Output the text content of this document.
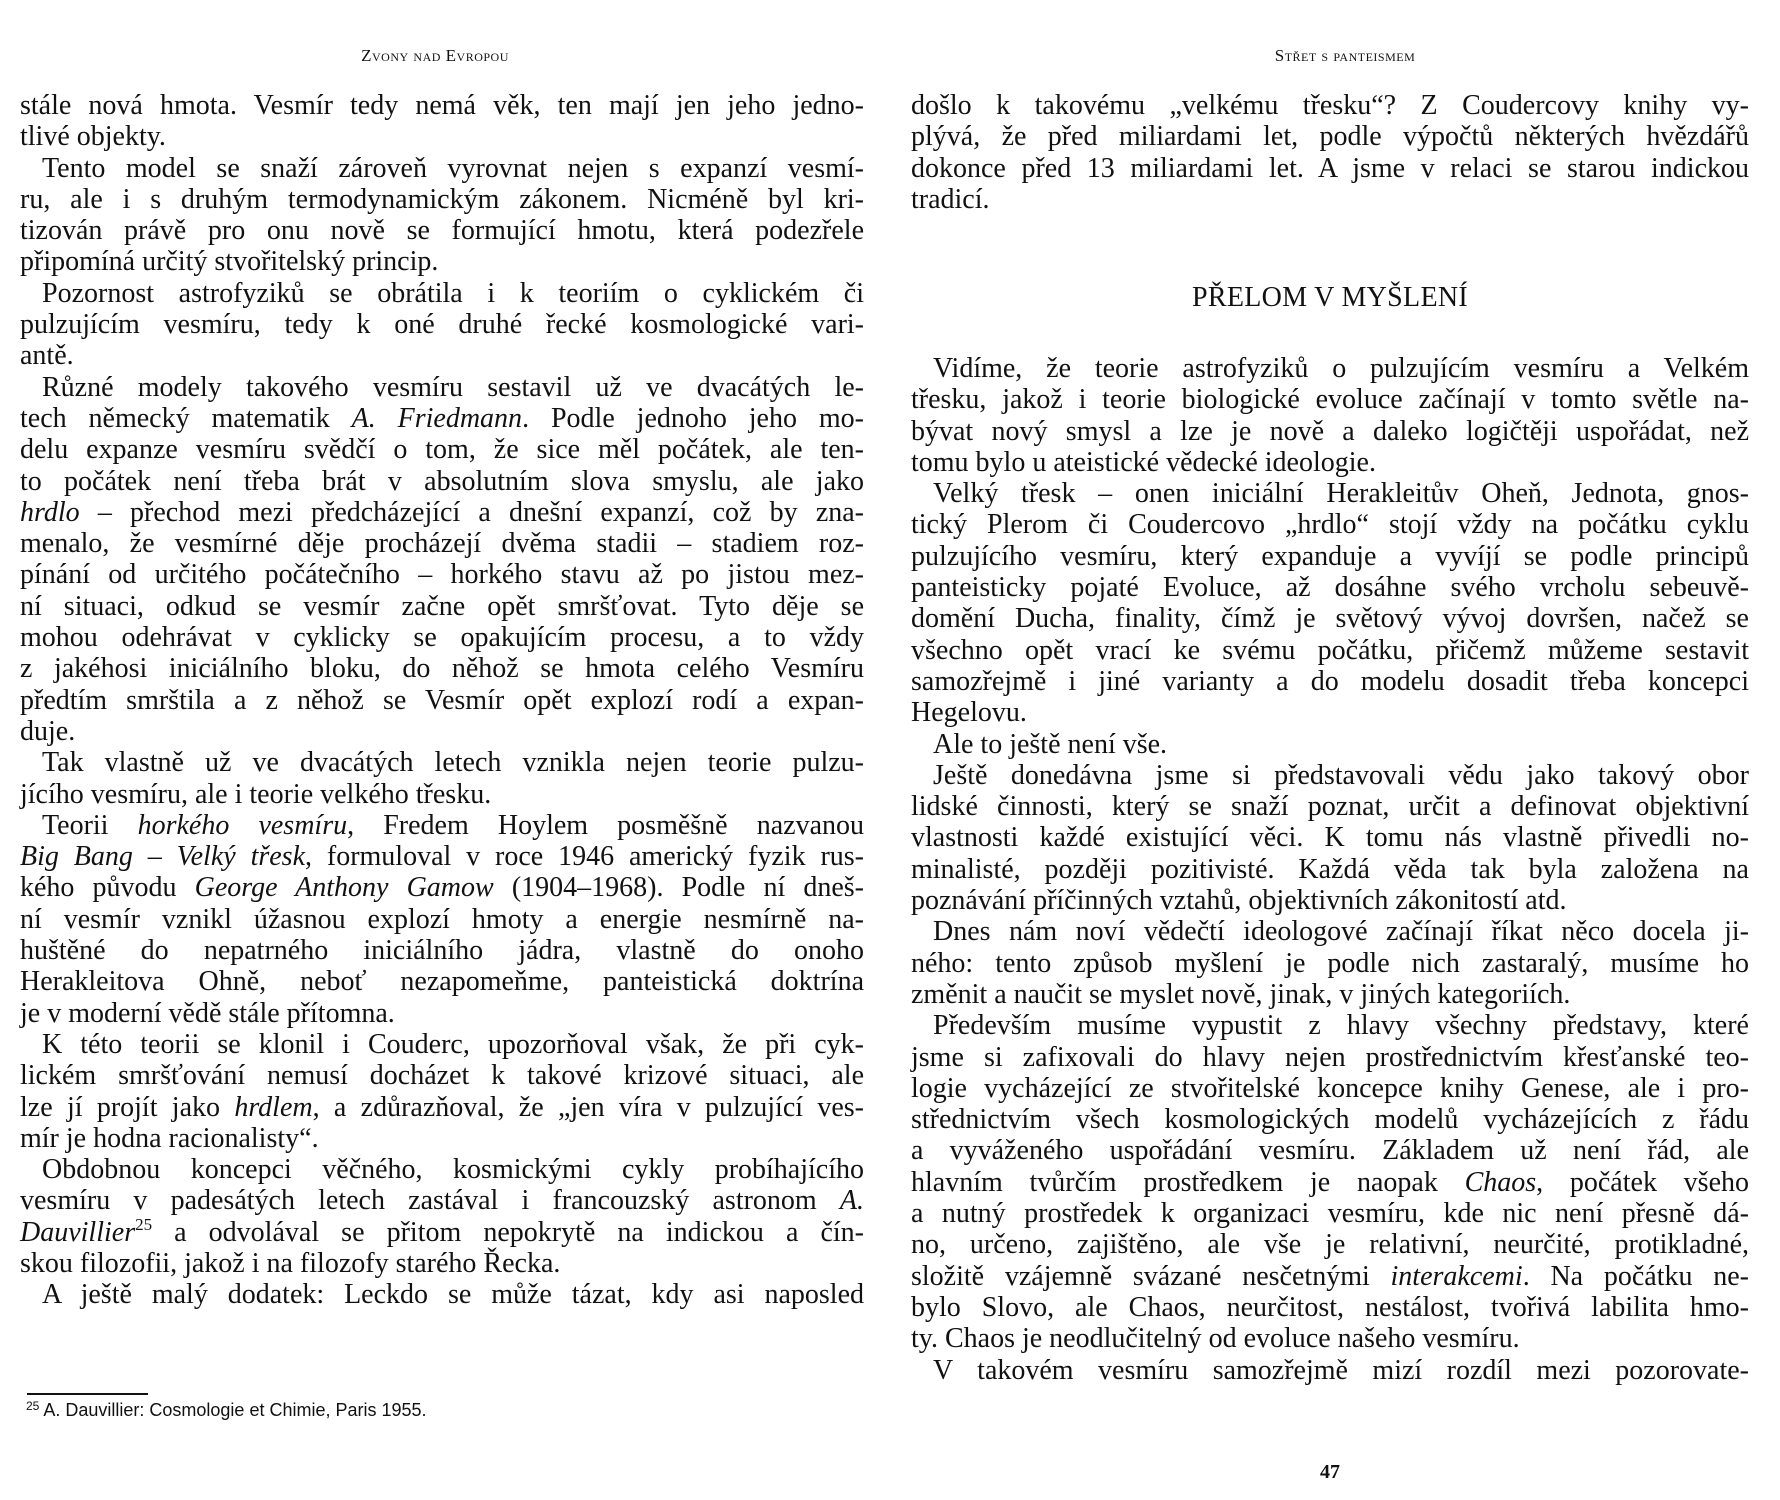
Zvony nad Evropou
stále nová hmota. Vesmír tedy nemá věk, ten mají jen jeho jedno-
tlivé objekty.
Tento model se snaží zároveň vyrovnat nejen s expanzí vesmí-
ru, ale i s druhým termodynamickým zákonem. Nicméně byl kri-
tizován právě pro onu nově se formující hmotu, která podezřele
připomíná určitý stvořitelský princip.
Pozornost astrofyziků se obrátila i k teoriím o cyklickém či
pulzujícím vesmíru, tedy k oné druhé řecké kosmologické vari-
antě.
Různé modely takového vesmíru sestavil už ve dvacátých le-
tech německý matematik A. Friedmann. Podle jednoho jeho mo-
delu expanze vesmíru svědčí o tom, že sice měl počátek, ale ten-
to počátek není třeba brát v absolutním slova smyslu, ale jako
hrdlo – přechod mezi předcházející a dnešní expanzí, což by zna-
menalo, že vesmírné děje procházejí dvěma stadii – stadiem roz-
pínání od určitého počátečního – horkého stavu až po jistou mez-
ní situaci, odkud se vesmír začne opět smršťovat. Tyto děje se
mohou odehrávat v cyklicky se opakujícím procesu, a to vždy
z jakéhosi iniciálního bloku, do něhož se hmota celého Vesmíru
předtím smrštila a z něhož se Vesmír opět explozí rodí a expan-
duje.
Tak vlastně už ve dvacátých letech vznikla nejen teorie pulzu-
jícího vesmíru, ale i teorie velkého třesku.
Teorii horkého vesmíru, Fredem Hoylem posměšně nazvanou
Big Bang – Velký třesk, formuloval v roce 1946 americký fyzik rus-
kého původu George Anthony Gamow (1904–1968). Podle ní dneš-
ní vesmír vznikl úžasnou explozí hmoty a energie nesmírně na-
huštěné do nepatrného iniciálního jádra, vlastně do onoho
Herakleitova Ohně, neboť nezapomeňme, panteistická doktrína
je v moderní vědě stále přítomna.
K této teorii se klonil i Couderc, upozorňoval však, že při cyk-
lickém smršťování nemusí docházet k takové krizové situaci, ale
lze jí projít jako hrdlem, a zdůrazňoval, že „jen víra v pulzující ves-
mír je hodna racionalisty“.
Obdobnou koncepci věčného, kosmickými cykly probíhajícího
vesmíru v padesátých letech zastával i francouzský astronom A.
Dauvillier$^{25}$ a odvolával se přitom nepokrytě na indickou a čín-
skou filozofii, jakož i na filozofy starého Řecka.
A ještě malý dodatek: Leckdo se může tázat, kdy asi naposled
$^{25}$ A. Dauvillier: Cosmologie et Chimie, Paris 1955.
Střet s panteismem
došlo k takovému „velkému třesku“? Z Coudercovy knihy vy-
plývá, že před miliardami let, podle výpočtů některých hvězdářů
dokonce před 13 miliardami let. A jsme v relaci se starou indickou
tradicí.
PŘELOM V MYŠLENÍ
Vidíme, že teorie astrofyziků o pulzujícím vesmíru a Velkém
třesku, jakož i teorie biologické evoluce začínají v tomto světle na-
bývat nový smysl a lze je nově a daleko logičtěji uspořádat, než
tomu bylo u ateistické vědecké ideologie.
Velký třesk – onen iniciální Herakleitův Oheň, Jednota, gnos-
tický Plerom či Coudercovo „hrdlo“ stojí vždy na počátku cyklu
pulzujícího vesmíru, který expanduje a vyvíjí se podle principů
panteisticky pojaté Evoluce, až dosáhne svého vrcholu sebeuvě-
domění Ducha, finality, čímž je světový vývoj dovršen, načež se
všechno opět vrací ke svému počátku, přičemž můžeme sestavit
samozřejmě i jiné varianty a do modelu dosadit třeba koncepci
Hegelovu.
Ale to ještě není vše.
Ještě donedávna jsme si představovali vědu jako takový obor
lidské činnosti, který se snaží poznat, určit a definovat objektivní
vlastnosti každé existující věci. K tomu nás vlastně přivedli no-
minalisté, později pozitivisté. Každá věda tak byla založena na
poznávání příčinných vztahů, objektivních zákonitostí atd.
Dnes nám noví vědečtí ideologové začínají říkat něco docela ji-
ného: tento způsob myšlení je podle nich zastaralý, musíme ho
změnit a naučit se myslet nově, jinak, v jiných kategoriích.
Především musíme vypustit z hlavy všechny představy, které
jsme si zafixovali do hlavy nejen prostřednictvím křesťanské teo-
logie vycházející ze stvořitelské koncepce knihy Genese, ale i pro-
střednictvím všech kosmologických modelů vycházejících z řádu
a vyváženého uspořádání vesmíru. Základem už není řád, ale
hlavním tvůrčím prostředkem je naopak Chaos, počátek všeho
a nutný prostředek k organizaci vesmíru, kde nic není přesně dá-
no, určeno, zajištěno, ale vše je relativní, neurčité, protikladné,
složitě vzájemně svázané nesčetnými interakcemi. Na počátku ne-
bylo Slovo, ale Chaos, neurčitost, nestálost, tvořivá labilita hmo-
ty. Chaos je neodlučitelný od evoluce našeho vesmíru.
V takovém vesmíru samozřejmě mizí rozdíl mezi pozorovate-
47
